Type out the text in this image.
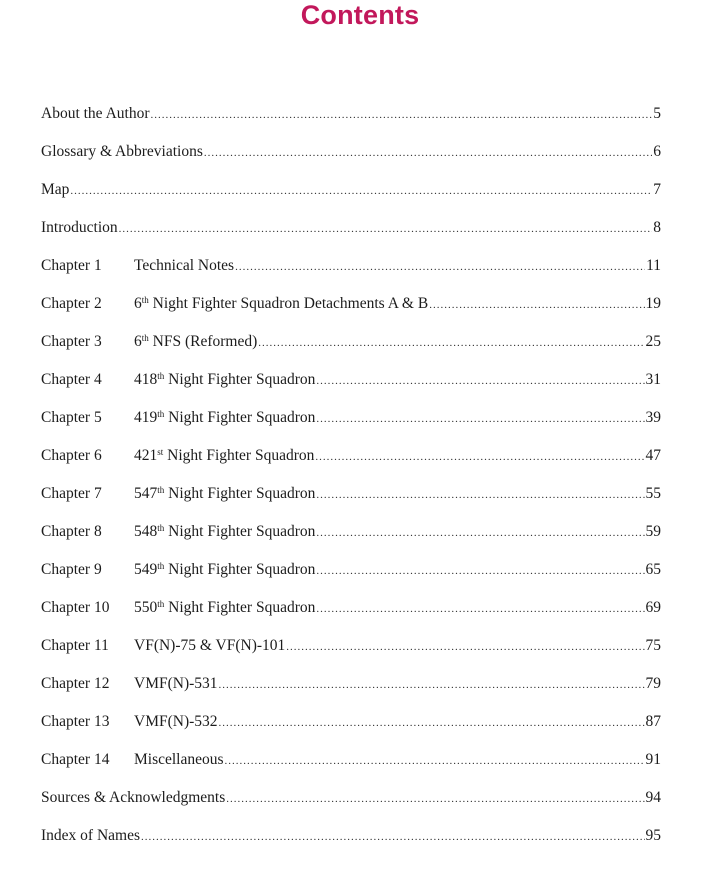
Contents
About the Author .....	5
Glossary & Abbreviations .....	6
Map .....	7
Introduction .....	8
Chapter 1	Technical Notes .....	11
Chapter 2	6th Night Fighter Squadron Detachments A & B .....	19
Chapter 3	6th NFS (Reformed) .....	25
Chapter 4	418th Night Fighter Squadron .....	31
Chapter 5	419th Night Fighter Squadron .....	39
Chapter 6	421st Night Fighter Squadron .....	47
Chapter 7	547th Night Fighter Squadron .....	55
Chapter 8	548th Night Fighter Squadron .....	59
Chapter 9	549th Night Fighter Squadron .....	65
Chapter 10	550th Night Fighter Squadron .....	69
Chapter 11	VF(N)-75 & VF(N)-101 .....	75
Chapter 12	VMF(N)-531 .....	79
Chapter 13	VMF(N)-532 .....	87
Chapter 14	Miscellaneous .....	91
Sources & Acknowledgments .....	94
Index of Names .....	95
